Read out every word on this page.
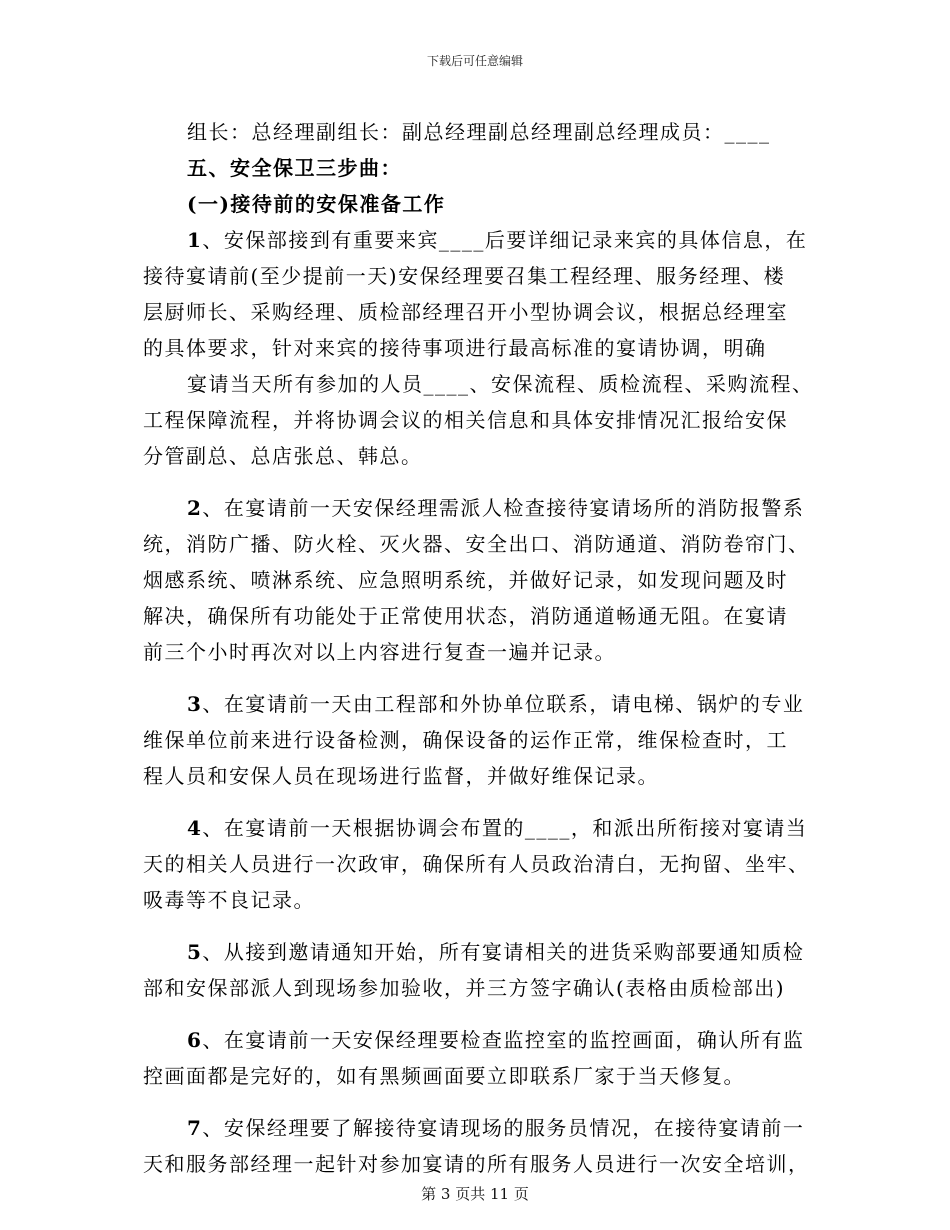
下载后可任意编辑
组长：总经理副组长：副总经理副总经理副总经理成员：____
五、安全保卫三步曲：
(一)接待前的安保准备工作
1、安保部接到有重要来宾____后要详细记录来宾的具体信息，在
接待宴请前(至少提前一天)安保经理要召集工程经理、服务经理、楼
层厨师长、采购经理、质检部经理召开小型协调会议，根据总经理室
的具体要求，针对来宾的接待事项进行最高标准的宴请协调，明确
宴请当天所有参加的人员____、安保流程、质检流程、采购流程、
工程保障流程，并将协调会议的相关信息和具体安排情况汇报给安保
分管副总、总店张总、韩总。
2、在宴请前一天安保经理需派人检查接待宴请场所的消防报警系
统，消防广播、防火栓、灭火器、安全出口、消防通道、消防卷帘门、
烟感系统、喷淋系统、应急照明系统，并做好记录，如发现问题及时
解决，确保所有功能处于正常使用状态，消防通道畅通无阻。在宴请
前三个小时再次对以上内容进行复查一遍并记录。
3、在宴请前一天由工程部和外协单位联系，请电梯、锅炉的专业
维保单位前来进行设备检测，确保设备的运作正常，维保检查时，工
程人员和安保人员在现场进行监督，并做好维保记录。
4、在宴请前一天根据协调会布置的____，和派出所衔接对宴请当
天的相关人员进行一次政审，确保所有人员政治清白，无拘留、坐牢、
吸毒等不良记录。
5、从接到邀请通知开始，所有宴请相关的进货采购部要通知质检
部和安保部派人到现场参加验收，并三方签字确认(表格由质检部出)
6、在宴请前一天安保经理要检查监控室的监控画面，确认所有监
控画面都是完好的，如有黑频画面要立即联系厂家于当天修复。
7、安保经理要了解接待宴请现场的服务员情况，在接待宴请前一
天和服务部经理一起针对参加宴请的所有服务人员进行一次安全培训，
第 3 页共 11 页
